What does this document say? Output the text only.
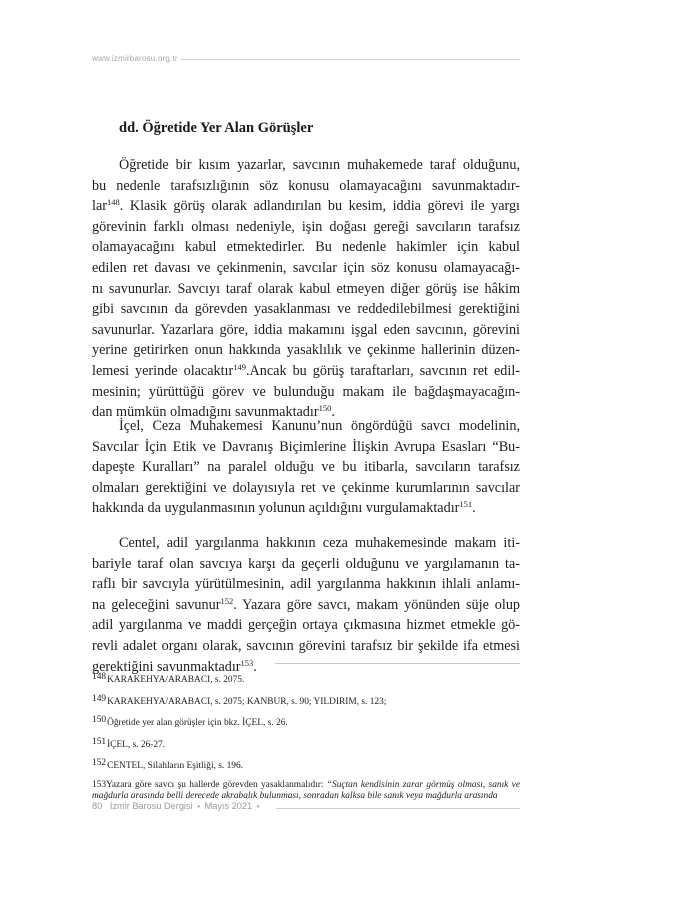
www.izmirbarosu.org.tr
dd. Öğretide Yer Alan Görüşler
Öğretide bir kısım yazarlar, savcının muhakemede taraf olduğunu,
bu nedenle tarafsızlığının söz konusu olamayacağını savunmaktadır-
lar$^{148}$. Klasik görüş olarak adlandırılan bu kesim, iddia görevi ile yargı
görevinin farklı olması nedeniyle, işin doğası gereği savcıların tarafsız
olamayacağını kabul etmektedirler. Bu nedenle hakimler için kabul
edilen ret davası ve çekinmenin, savcılar için söz konusu olamayacağı-
nı savunurlar. Savcıyı taraf olarak kabul etmeyen diğer görüş ise hâkim
gibi savcının da görevden yasaklanması ve reddedilebilmesi gerektiğini
savunurlar. Yazarlara göre, iddia makamını işgal eden savcının, görevini
yerine getirirken onun hakkında yasaklılık ve çekinme hallerinin düzen-
lemesi yerinde olacaktır$^{149}$.Ancak bu görüş taraftarları, savcının ret edil-
mesinin; yürüttüğü görev ve bulunduğu makam ile bağdaşmayacağın-
dan mümkün olmadığını savunmaktadır$^{150}$.
İçel, Ceza Muhakemesi Kanunu’nun öngördüğü savcı modelinin,
Savcılar İçin Etik ve Davranış Biçimlerine İlişkin Avrupa Esasları “Bu-
dapeşte Kuralları” na paralel olduğu ve bu itibarla, savcıların tarafsız
olmaları gerektiğini ve dolayısıyla ret ve çekinme kurumlarının savcılar
hakkında da uygulanmasının yolunun açıldığını vurgulamaktadır$^{151}$.
Centel, adil yargılanma hakkının ceza muhakemesinde makam iti-
bariyle taraf olan savcıya karşı da geçerli olduğunu ve yargılamanın ta-
raflı bir savcıyla yürütülmesinin, adil yargılanma hakkının ihlali anlamı-
na geleceğini savunur$^{152}$. Yazara göre savcı, makam yönünden süje olup
adil yargılanma ve maddi gerçeğin ortaya çıkmasına hizmet etmekle gö-
revli adalet organı olarak, savcının görevini tarafsız bir şekilde ifa etmesi
gerektiğini savunmaktadır$^{153}$.
148KARAKEHYA/ARABACI, s. 2075.
149KARAKEHYA/ARABACI, s. 2075; KANBUR, s. 90; YILDIRIM, s. 123;
150Öğretide yer alan görüşler için bkz. İÇEL, s. 26.
151İÇEL, s. 26-27.
152CENTEL, Silahların Eşitliği, s. 196.
153Yazara göre savcı şu hallerde görevden yasaklanmalıdır: “Suçtan kendisinin zarar görmüş olması, sanık ve
mağdurla arasında belli derecede akrabalık bulunması, sonradan kalksa bile sanık veya mağdurla arasında
80 İzmir Barosu Dergisi • Mayıs 2021 •
